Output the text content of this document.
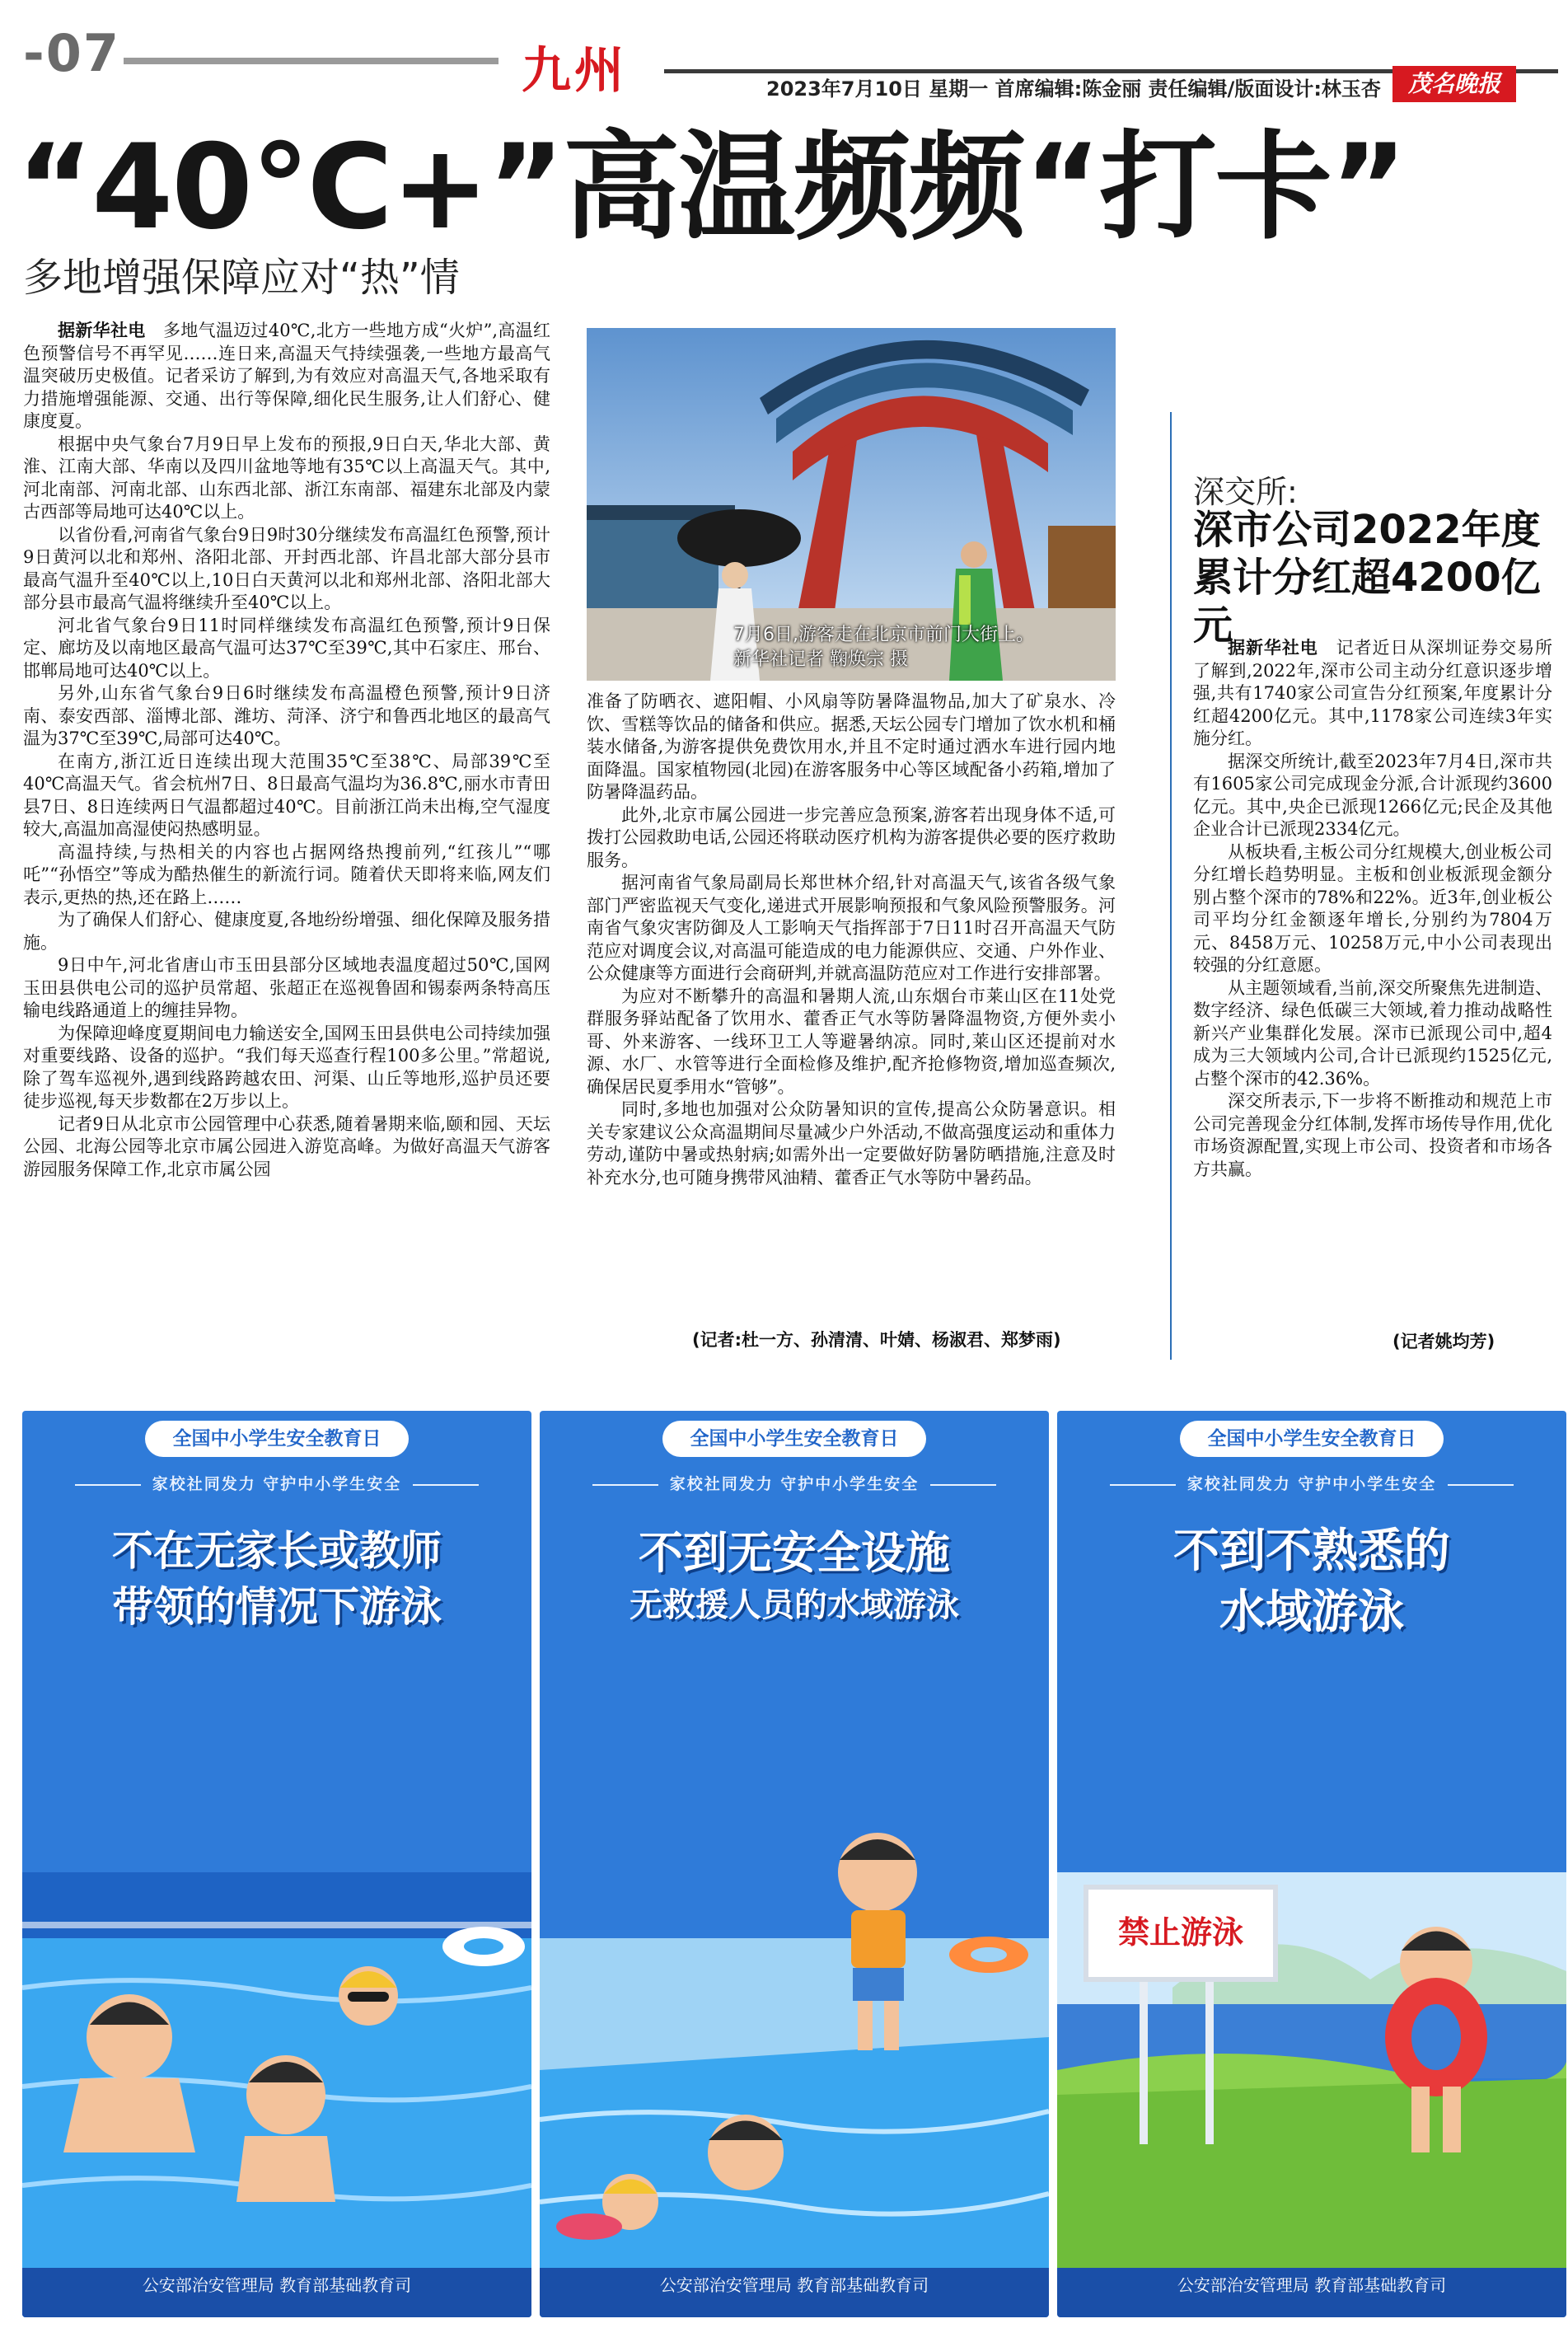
-07	九州	2023年7月10日 星期一 首席编辑:陈金丽 责任编辑/版面设计:林玉杏	茂名晚报
“40℃+”高温频频“打卡”
多地增强保障应对“热”情

据新华社电　 多地气温迈过40℃,北方一些地方成“火炉”,高温红色预警信号不再罕见……连日来,高温天气持续强袭,一些地方最高气温突破历史极值。记者采访了解到,为有效应对高温天气,各地采取有力措施增强能源、交通、出行等保障,细化民生服务,让人们舒心、健康度夏。

根据中央气象台7月9日早上发布的预报,9日白天,华北大部、黄淮、江南大部、华南以及四川盆地等地有35℃以上高温天气。其中,河北南部、河南北部、山东西北部、浙江东南部、福建东北部及内蒙古西部等局地可达40℃以上。

以省份看,河南省气象台9日9时30分继续发布高温红色预警,预计9日黄河以北和郑州、洛阳北部、开封西北部、许昌北部大部分县市最高气温升至40℃以上,10日白天黄河以北和郑州北部、洛阳北部大部分县市最高气温将继续升至40℃以上。

河北省气象台9日11时同样继续发布高温红色预警,预计9日保定、廊坊及以南地区最高气温可达37℃至39℃,其中石家庄、邢台、邯郸局地可达40℃以上。

另外,山东省气象台9日6时继续发布高温橙色预警,预计9日济南、泰安西部、淄博北部、潍坊、菏泽、济宁和鲁西北地区的最高气温为37℃至39℃,局部可达40℃。

在南方,浙江近日连续出现大范围35℃至38℃、局部39℃至40℃高温天气。省会杭州7日、8日最高气温均为36.8℃,丽水市青田县7日、8日连续两日气温都超过40℃。目前浙江尚未出梅,空气湿度较大,高温加高湿使闷热感明显。

高温持续,与热相关的内容也占据网络热搜前列,“红孩儿”“哪吒”“孙悟空”等成为酷热催生的新流行词。随着伏天即将来临,网友们表示,更热的热,还在路上……

为了确保人们舒心、健康度夏,各地纷纷增强、细化保障及服务措施。

9日中午,河北省唐山市玉田县部分区域地表温度超过50℃,国网玉田县供电公司的巡护员常超、张超正在巡视鲁固和锡泰两条特高压输电线路通道上的缠挂异物。

为保障迎峰度夏期间电力输送安全,国网玉田县供电公司持续加强对重要线路、设备的巡护。“我们每天巡查行程100多公里。”常超说,除了驾车巡视外,遇到线路跨越农田、河渠、山丘等地形,巡护员还要徒步巡视,每天步数都在2万步以上。

记者9日从北京市公园管理中心获悉,随着暑期来临,颐和园、天坛公园、北海公园等北京市属公园进入游览高峰。为做好高温天气游客游园服务保障工作,北京市属公园

7月6日,游客走在北京市前门大街上。
新华社记者 鞠焕宗 摄

准备了防晒衣、遮阳帽、小风扇等防暑降温物品,加大了矿泉水、冷饮、雪糕等饮品的储备和供应。据悉,天坛公园专门增加了饮水机和桶装水储备,为游客提供免费饮用水,并且不定时通过洒水车进行园内地面降温。国家植物园(北园)在游客服务中心等区域配备小药箱,增加了防暑降温药品。

此外,北京市属公园进一步完善应急预案,游客若出现身体不适,可拨打公园救助电话,公园还将联动医疗机构为游客提供必要的医疗救助服务。

据河南省气象局副局长郑世林介绍,针对高温天气,该省各级气象部门严密监视天气变化,递进式开展影响预报和气象风险预警服务。河南省气象灾害防御及人工影响天气指挥部于7日11时召开高温天气防范应对调度会议,对高温可能造成的电力能源供应、交通、户外作业、公众健康等方面进行会商研判,并就高温防范应对工作进行安排部署。

为应对不断攀升的高温和暑期人流,山东烟台市莱山区在11处党群服务驿站配备了饮用水、藿香正气水等防暑降温物资,方便外卖小哥、外来游客、一线环卫工人等避暑纳凉。同时,莱山区还提前对水源、水厂、水管等进行全面检修及维护,配齐抢修物资,增加巡查频次,确保居民夏季用水“管够”。

同时,多地也加强对公众防暑知识的宣传,提高公众防暑意识。相关专家建议公众高温期间尽量减少户外活动,不做高强度运动和重体力劳动,谨防中暑或热射病;如需外出一定要做好防暑防晒措施,注意及时补充水分,也可随身携带风油精、藿香正气水等防中暑药品。

(记者:杜一方、孙清清、叶婧、杨淑君、郑梦雨)
深交所:
深市公司2022年度
累计分红超4200亿元

据新华社电　 记者近日从深圳证券交易所了解到,2022年,深市公司主动分红意识逐步增强,共有1740家公司宣告分红预案,年度累计分红超4200亿元。其中,1178家公司连续3年实施分红。

据深交所统计,截至2023年7月4日,深市共有1605家公司完成现金分派,合计派现约3600亿元。其中,央企已派现1266亿元;民企及其他企业合计已派现2334亿元。

从板块看,主板公司分红规模大,创业板公司分红增长趋势明显。主板和创业板派现金额分别占整个深市的78%和22%。近3年,创业板公司平均分红金额逐年增长,分别约为7804万元、8458万元、10258万元,中小公司表现出较强的分红意愿。

从主题领域看,当前,深交所聚焦先进制造、数字经济、绿色低碳三大领域,着力推动战略性新兴产业集群化发展。深市已派现公司中,超4成为三大领域内公司,合计已派现约1525亿元,占整个深市的42.36%。

深交所表示,下一步将不断推动和规范上市公司完善现金分红体制,发挥市场传导作用,优化市场资源配置,实现上市公司、投资者和市场各方共赢。

(记者姚均芳)
全国中小学生安全教育日
家校社同发力 守护中小学生安全
不在无家长或教师
带领的情况下游泳
公安部治安管理局 教育部基础教育司
全国中小学生安全教育日
家校社同发力 守护中小学生安全
不到无安全设施
无救援人员的水域游泳
公安部治安管理局 教育部基础教育司
禁止游泳
全国中小学生安全教育日
家校社同发力 守护中小学生安全
不到不熟悉的
水域游泳
公安部治安管理局 教育部基础教育司
